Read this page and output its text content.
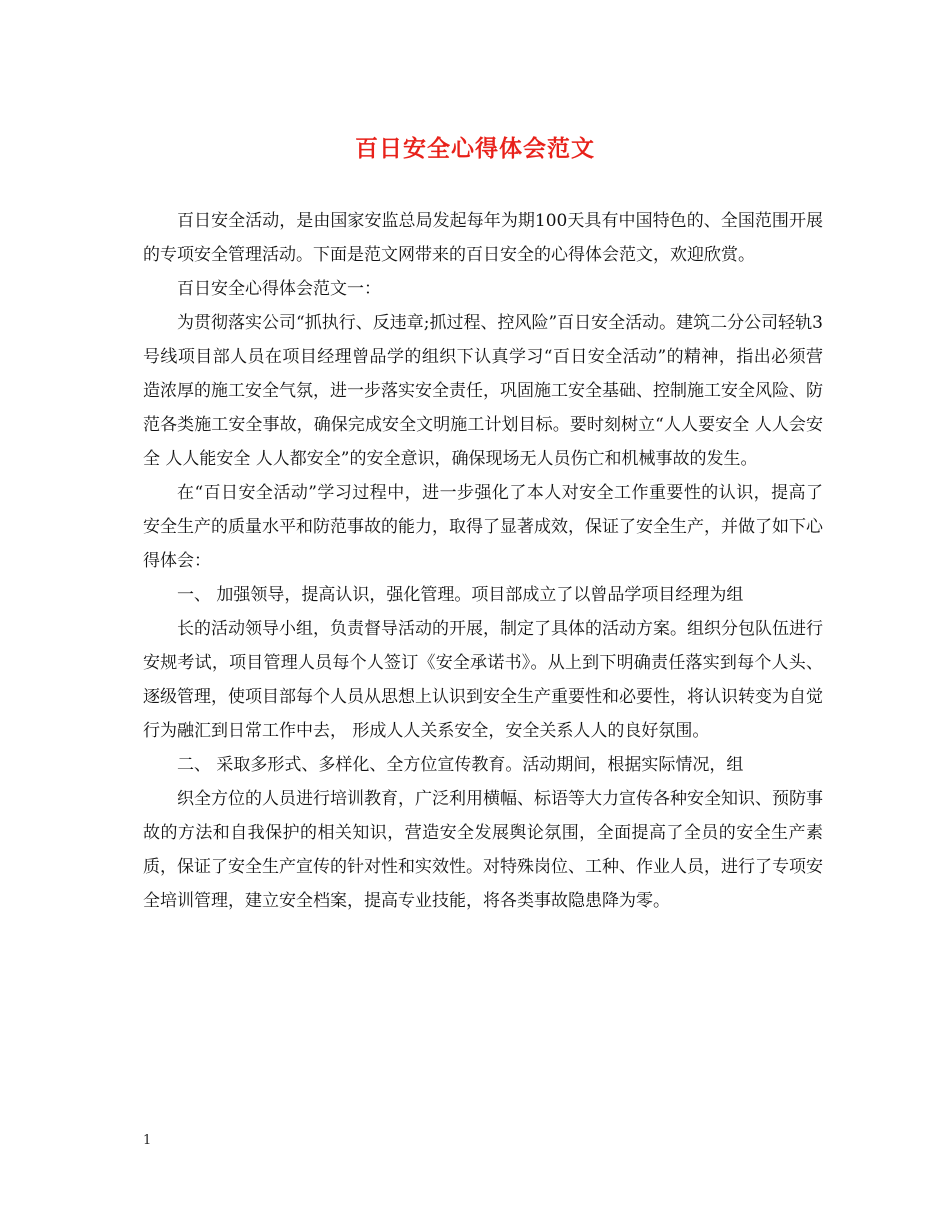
百日安全心得体会范文

百日安全活动，是由国家安监总局发起每年为期100天具有中国特色的、全国范围开展的专项安全管理活动。下面是范文网带来的百日安全的心得体会范文，欢迎欣赏。

百日安全心得体会范文一：

为贯彻落实公司“抓执行、反违章;抓过程、控风险”百日安全活动。建筑二分公司轻轨3号线项目部人员在项目经理曾品学的组织下认真学习“百日安全活动”的精神，指出必须营造浓厚的施工安全气氛，进一步落实安全责任，巩固施工安全基础、控制施工安全风险、防范各类施工安全事故，确保完成安全文明施工计划目标。要时刻树立“人人要安全 人人会安全 人人能安全 人人都安全”的安全意识，确保现场无人员伤亡和机械事故的发生。

在“百日安全活动”学习过程中，进一步强化了本人对安全工作重要性的认识，提高了安全生产的质量水平和防范事故的能力，取得了显著成效，保证了安全生产，并做了如下心得体会：

一、 加强领导，提高认识，强化管理。项目部成立了以曾品学项目经理为组

长的活动领导小组，负责督导活动的开展，制定了具体的活动方案。组织分包队伍进行安规考试，项目管理人员每个人签订《安全承诺书》。从上到下明确责任落实到每个人头、逐级管理，使项目部每个人员从思想上认识到安全生产重要性和必要性，将认识转变为自觉行为融汇到日常工作中去， 形成人人关系安全，安全关系人人的良好氛围。

二、 采取多形式、多样化、全方位宣传教育。活动期间，根据实际情况，组

织全方位的人员进行培训教育，广泛利用横幅、标语等大力宣传各种安全知识、预防事故的方法和自我保护的相关知识，营造安全发展舆论氛围，全面提高了全员的安全生产素质，保证了安全生产宣传的针对性和实效性。对特殊岗位、工种、作业人员，进行了专项安全培训管理，建立安全档案，提高专业技能，将各类事故隐患降为零。

1
